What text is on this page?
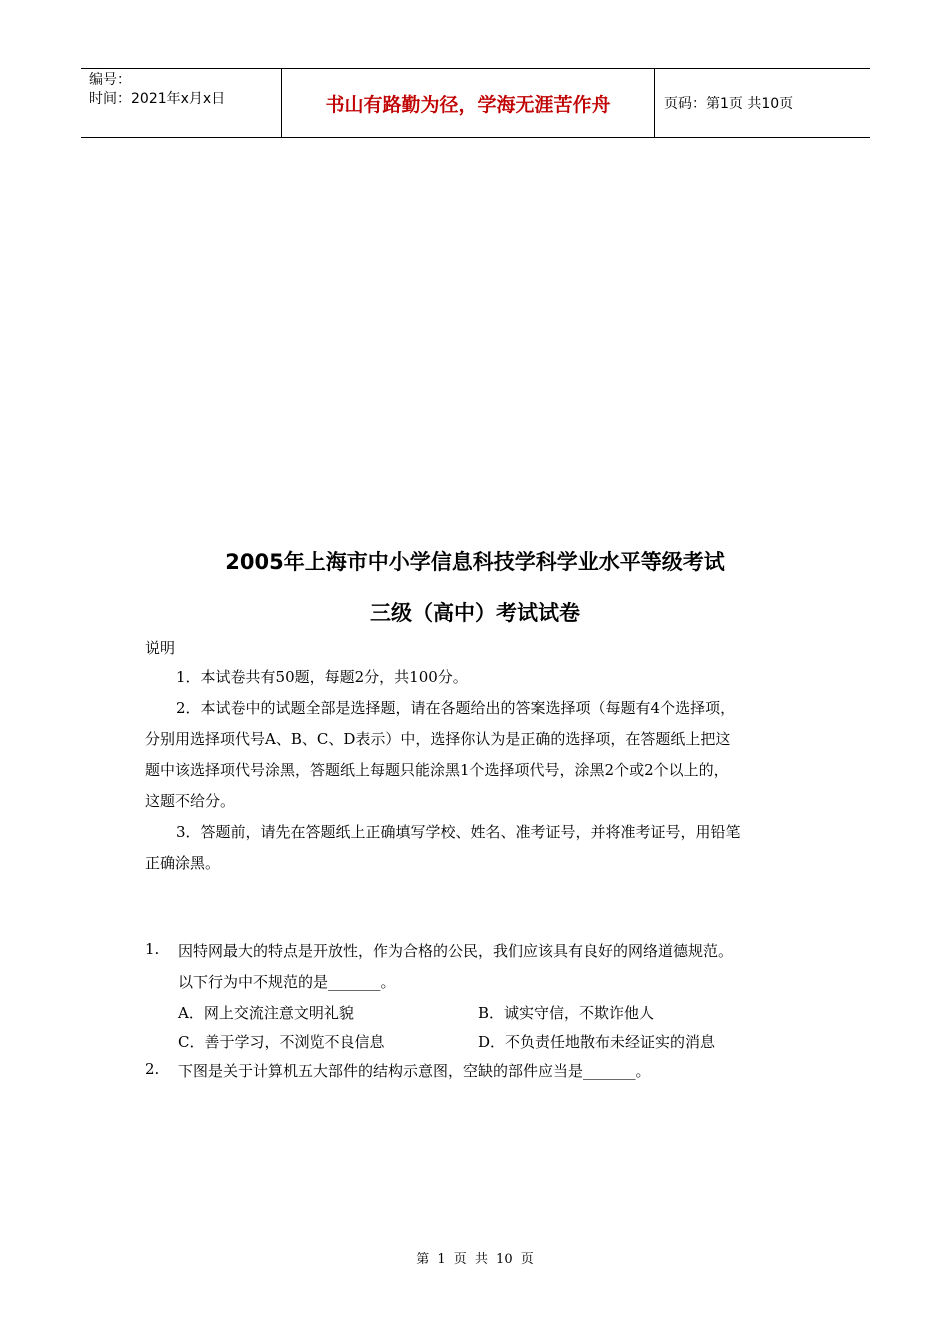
编号：
时间：2021年x月x日	书山有路勤为径，学海无涯苦作舟	页码：第1页 共10页
2005年上海市中小学信息科技学科学业水平等级考试
三级（高中）考试试卷
说明
1．本试卷共有50题，每题2分，共100分。
2．本试卷中的试题全部是选择题，请在各题给出的答案选择项（每题有4个选择项，
分别用选择项代号A、B、C、D表示）中，选择你认为是正确的选择项，在答题纸上把这
题中该选择项代号涂黑，答题纸上每题只能涂黑1个选择项代号，涂黑2个或2个以上的，
这题不给分。
3．答题前，请先在答题纸上正确填写学校、姓名、准考证号，并将准考证号，用铅笔
正确涂黑。
1. 因特网最大的特点是开放性，作为合格的公民，我们应该具有良好的网络道德规范。
以下行为中不规范的是_______。
A．网上交流注意文明礼貌	B．诚实守信，不欺诈他人
C．善于学习，不浏览不良信息	D．不负责任地散布未经证实的消息
2. 下图是关于计算机五大部件的结构示意图，空缺的部件应当是_______。
第 1 页 共 10 页
